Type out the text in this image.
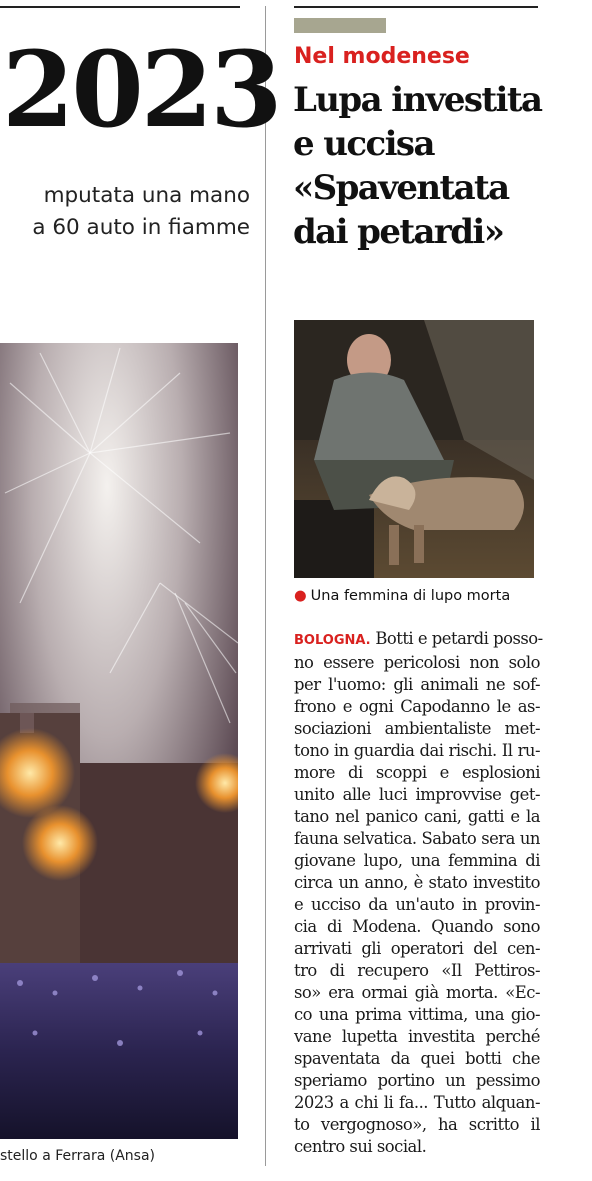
2023
mputata una mano
a 60 auto in fiamme
stello a Ferrara (Ansa)
Nel modenese
Lupa investita
e uccisa
«Spaventata
dai petardi»
● Una femmina di lupo morta
BOLOGNA. Botti e petardi posso-
no essere pericolosi non solo
per l'uomo: gli animali ne sof-
frono e ogni Capodanno le as-
sociazioni ambientaliste met-
tono in guardia dai rischi. Il ru-
more di scoppi e esplosioni
unito alle luci improvvise get-
tano nel panico cani, gatti e la
fauna selvatica. Sabato sera un
giovane lupo, una femmina di
circa un anno, è stato investito
e ucciso da un'auto in provin-
cia di Modena. Quando sono
arrivati gli operatori del cen-
tro di recupero «Il Pettiros-
so» era ormai già morta. «Ec-
co una prima vittima, una gio-
vane lupetta investita perché
spaventata da quei botti che
speriamo portino un pessimo
2023 a chi li fa... Tutto alquan-
to vergognoso», ha scritto il
centro sui social.
